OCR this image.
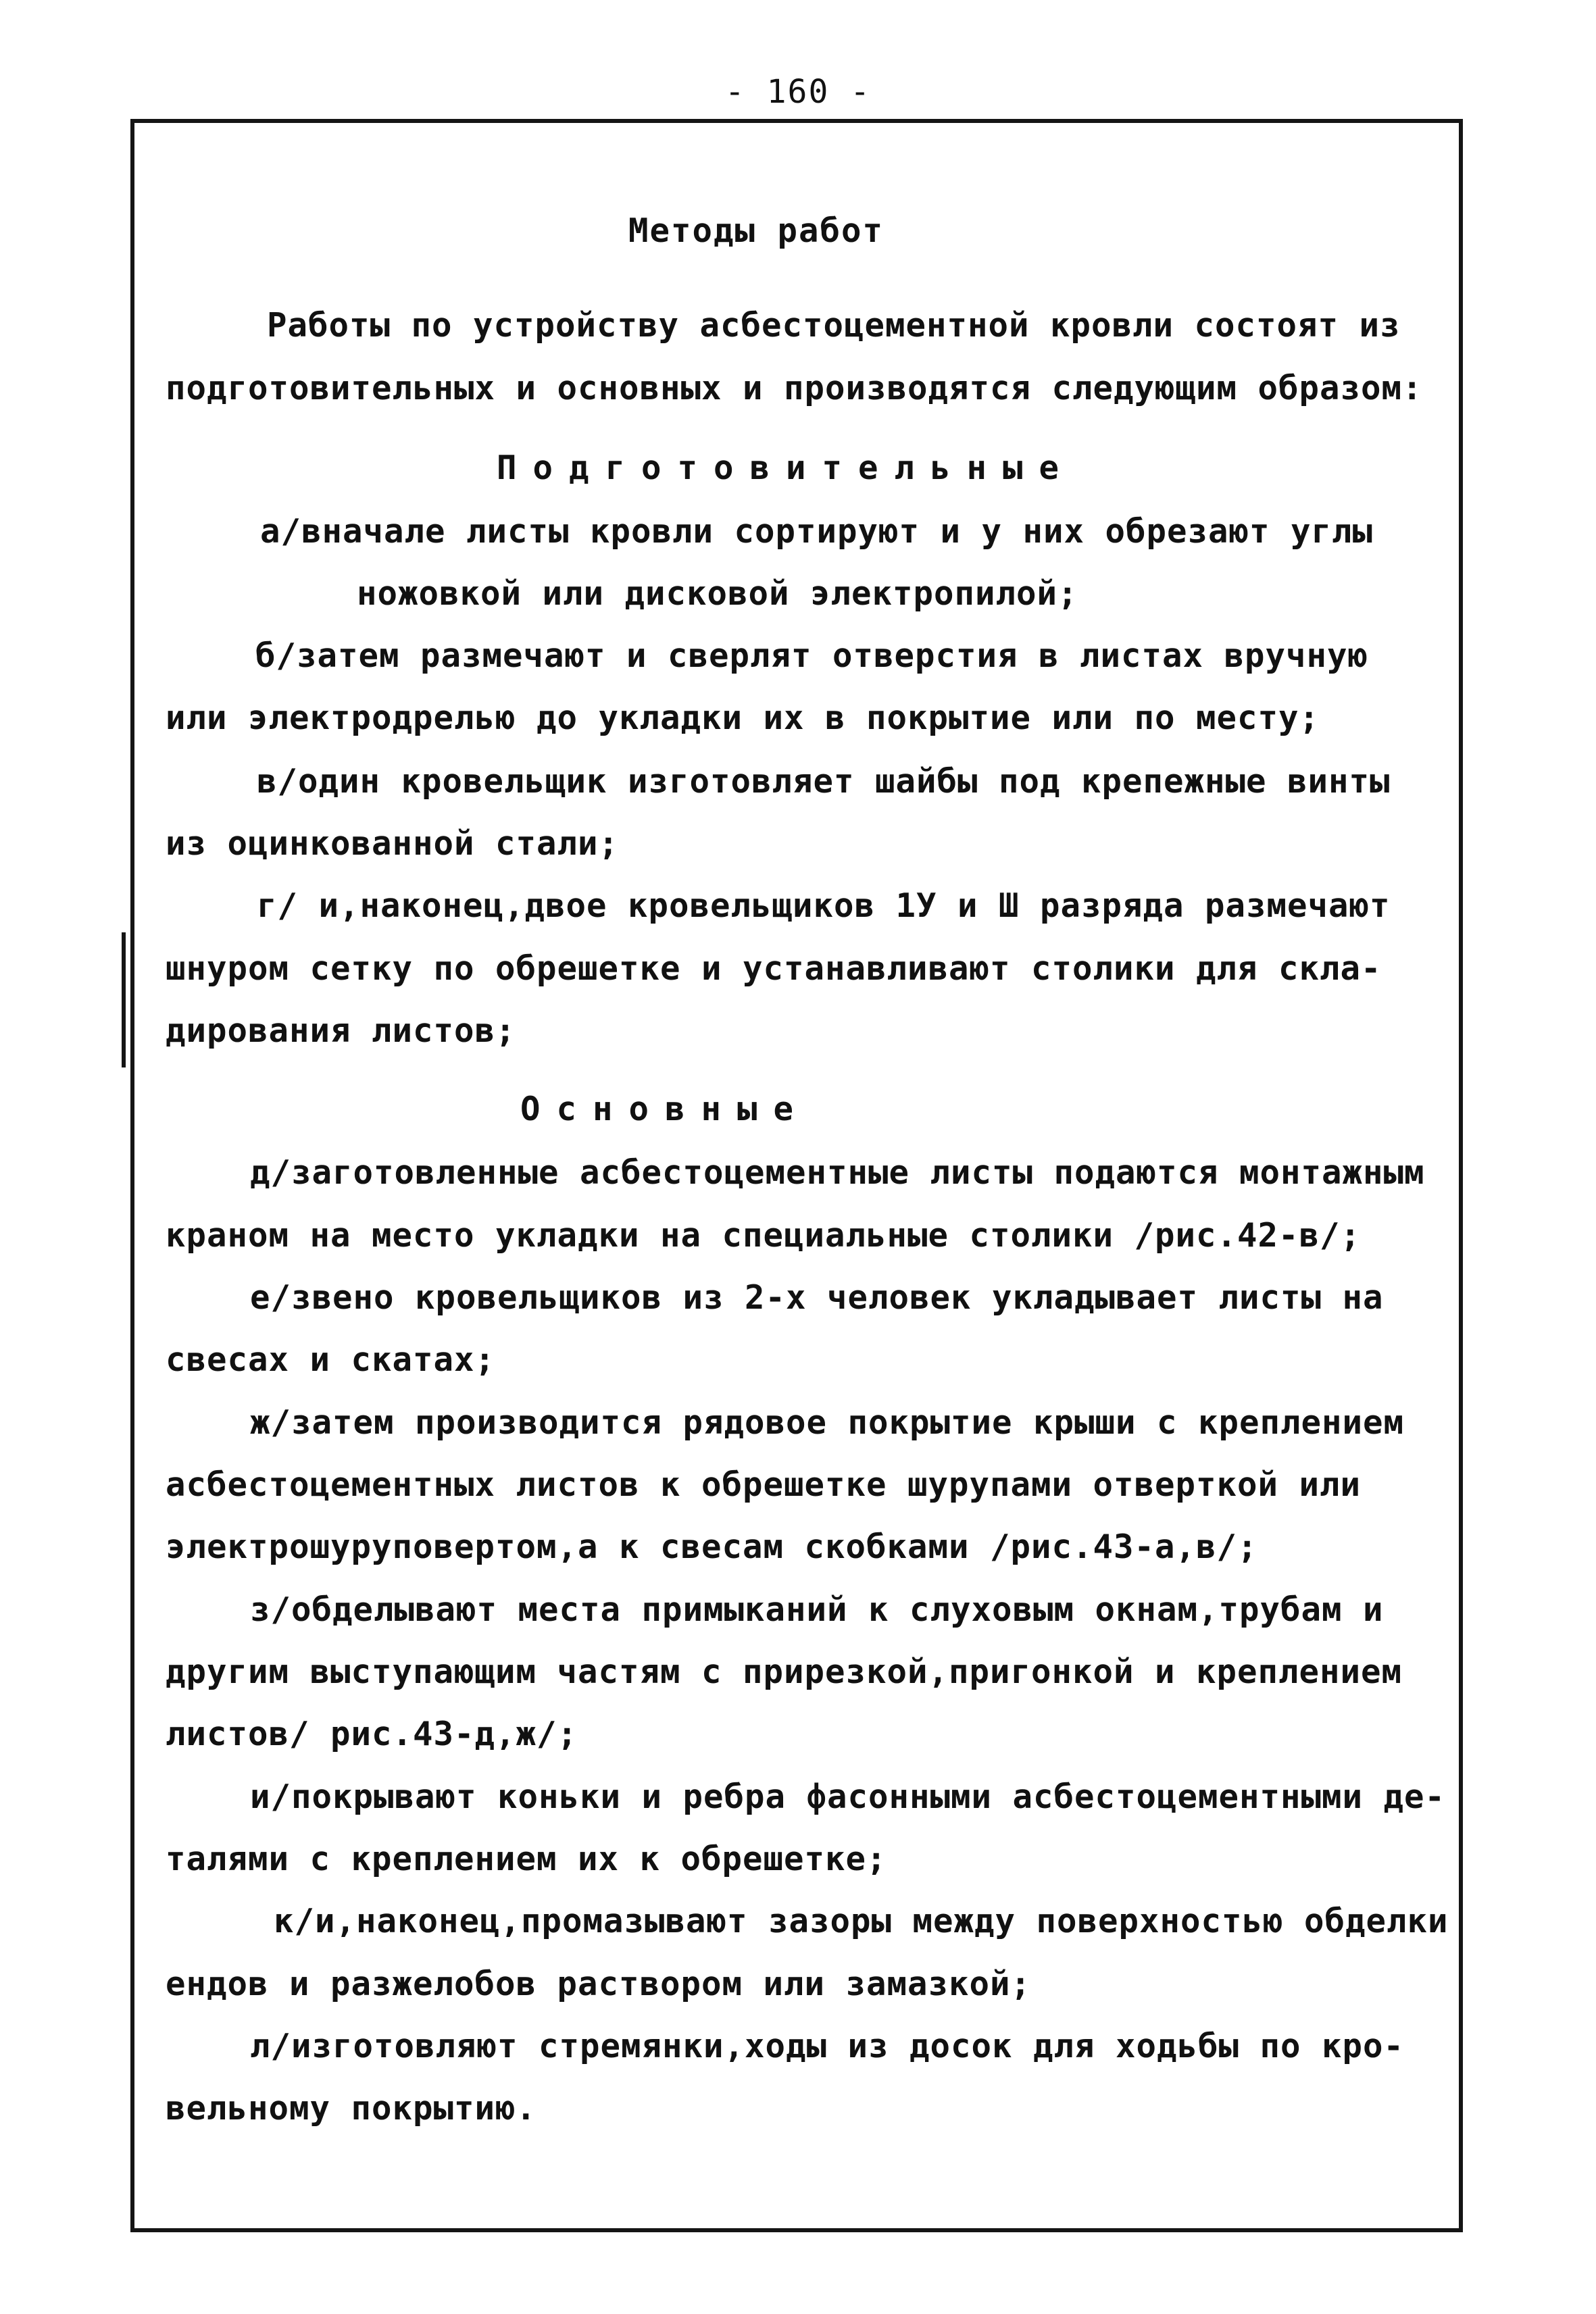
- 160 -
Методы работ
Работы по устройству асбестоцементной кровли состоят из
подготовительных и основных и производятся следующим образом:
Подготовительные
а/вначале листы кровли сортируют и у них обрезают углы
ножовкой или дисковой электропилой;
б/затем размечают и сверлят отверстия в листах вручную
или электродрелью до укладки их в покрытие или по месту;
в/один кровельщик изготовляет шайбы под крепежные винты
из оцинкованной стали;
г/ и,наконец,двое кровельщиков 1У и Ш разряда размечают
шнуром сетку по обрешетке и устанавливают столики для скла-
дирования листов;
Основные
д/заготовленные асбестоцементные листы подаются монтажным
краном на место укладки на специальные столики /рис.42-в/;
е/звено кровельщиков из 2-х человек укладывает листы на
свесах и скатах;
ж/затем производится рядовое покрытие крыши с креплением
асбестоцементных листов к обрешетке шурупами отверткой или
электрошуруповертом,а к свесам скобками /рис.43-а,в/;
з/обделывают места примыканий к слуховым окнам,трубам и
другим выступающим частям с прирезкой,пригонкой и креплением
листов/ рис.43-д,ж/;
и/покрывают коньки и ребра фасонными асбестоцементными де-
талями с креплением их к обрешетке;
к/и,наконец,промазывают зазоры между поверхностью обделки
ендов и разжелобов раствором или замазкой;
л/изготовляют стремянки,ходы из досок для ходьбы по кро-
вельному покрытию.
